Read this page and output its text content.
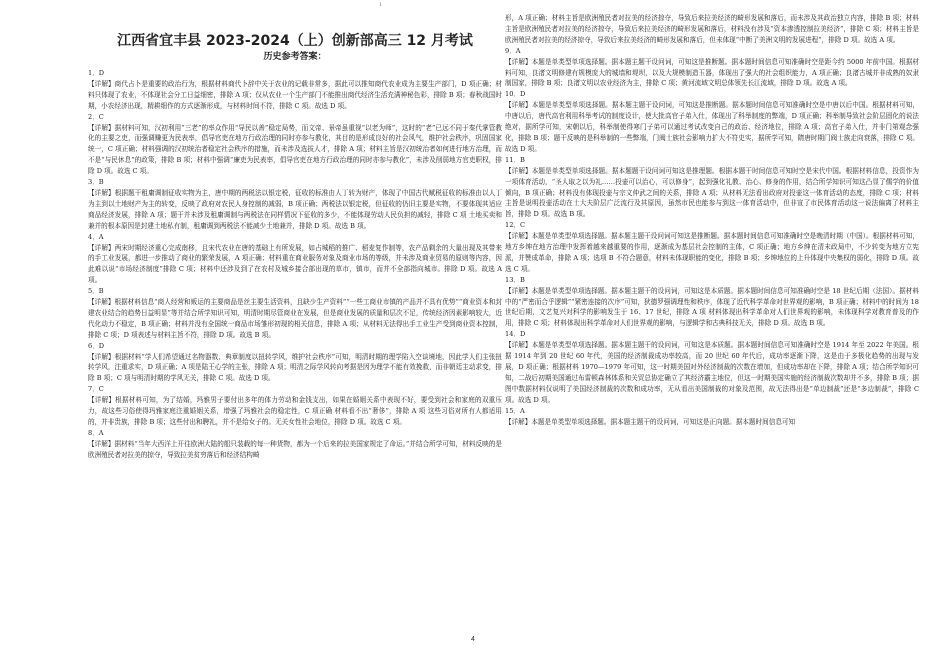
1
江西省宜丰县 2023-2024（上）创新部高三 12 月考试
历史参考答案：

1．D

【详解】商代占卜是重要的政治行为，根据材料商代卜辞中关于农业的记载非常多，据此可以推知商代农业成为主要生产部门，D 项正确；材料只体现了农业，不体现社会分工日益细密，排除 A 项；仅从农业一个生产部门不能推出商代经济生活充满神秘色彩，排除 B 项；春秋战国时期，小农经济出现，精耕细作的方式逐渐形成，与材料时间不符，排除 C 项。故选 D 项。

2．C

【详解】据材料可知，汉初利用“三老”的率众作用“导民以善”稳定局势，而文帝、景帝虽重视“以老为师”，这时的“老”已远不同于秦代掌管教化的主要之吏，而强调赚更为民表率，倡导官吏在地方行政治理的同时亦参与教化，其目的是形成良好的社会风气，维护社会秩序，巩固国家统一，C 项正确；材料强调的汉初统治者稳定社会秩序的措施，而未涉及选拔人才，排除 A 项；材料主旨是汉初统治者如何进行地方治理，而不是“与民休息”的政策，排除 B 项；材料中强调“廉吏为民表率，倡导官吏在地方行政治理的同时亦参与教化”，未涉及削弱地方官吏职权，排除 D 项。故选 C 项。

3．B

【详解】根据题干租庸调制征收实物为主，唐中期的两税法以银定税，征收的标准由人丁转为财产，体现了中国古代赋税征收的标准由以人丁为主到以土地财产为主的转变，反映了政府对农民人身控制的减弱，B 项正确；两税法以银定税，但征收的仍旧主要是实物，不要体现其适应商品经济发展，排除 A 项；题干并未涉及租庸调制与两税法在同样情况下征收的多少，不能体现劳动人民负担的减轻，排除 C 项 土地买卖和兼并的根本原因是封建土地私有制，租庸调到两税法不能减少土地兼并，排除 D 项。故选 B 项。

4．A

【详解】两宋时期经济重心完成南移，且宋代农业在唐的基础上有所发展，如占城稻的推广、稻麦复作制等，农产品剩余的大量出现及其带来的手工业发展，都进一步推动了商业的繁荣发展，A 项正确；材料重在商业服务对象及商业市场的等级，并未涉及商业贸易的原则等内容，因此难以说“市场经济制度”排除 C 项；材料中还涉及到了在农村及城乡接合部出现的草市，镇市，而并不全部指向城市。排除 D 项。故选 A 项。

5．B

【详解】根据材料信息“商人经营和贩运的主要商品是丝主要生活资料，且缺少生产资料”“一些工商业市镇的产品并不具有优势”“商业资本和封建农业结合的趋势日益明显”等并结合所学知识可知，明清时期尽管商业在发展，但是商业发展的质量和层次不足，传统经济因素影响较大，近代化动力不稳定，B 项正确；材料并没有全国统一商品市场雏形初现的相关信息，排除 A 项；从材料无法得出手工业生产受到商业资本控制，排除 C 项；D 项表述与材料主旨不符，排除 D 项。故选 B 项。

6．D

【详解】根据材料“学人们希望通过名物器数、典章制度以扭转学风，维护社会秩序”可知，明清时期的理学陷入空谈境地，因此学人们主张扭转学风，注重求实，D 项正确；A 项是陆王心学的主张，排除 A 项；明清之际学风转向考据是因为理学不能有效挽救，而非朝廷主动求变，排除 B 项；C 项与明清时期的学风无关，排除 C 项。故选 D 项。

7．C

【详解】根据材料可知，为了结婚，玛雅男子要付出多年的体力劳动和金钱支出，如果在婚姻关系中表现不好，要受到社会和家庭的双重压力，故这些习俗使得玛雅家庭注重婚姻关系，增强了玛雅社会的稳定性，C 项正确 材料看不出“奢侈”，排除 A 项 这些习俗对所有人都适用的，并非贵族，排除 B 项；这些付出和聘礼，并不是给女子的。无关女性社会地位，排除 D 项。故选 C 项。

8．A

【详解】据材料“当年大西洋上开往欧洲大陆的船只装载的每一种货物，都为一个后来的拉美国家规定了命运。”并结合所学可知，材料反映的是欧洲殖民者对拉美的掠夺，导致拉美贫穷落后和经济结构畸

形，A 项正确；材料主旨是欧洲殖民者对拉美的经济掠夺，导致后来拉美经济的畸形发展和落后，而未涉及其政治独立内容，排除 B 项；材料主旨是欧洲殖民者对拉美的经济掠夺，导致后来拉美经济的畸形发展和落后，材料没有涉及“资本渗透控制拉美经济”，排除 C 项；材料主旨是欧洲殖民者对拉美的经济掠夺，导致后来拉美经济的畸形发展和落后，但未体现“中断了美洲文明的发展进程”，排除 D 项。故选 A 项。

9．A

【详解】本题是单类型单项选择题。据本题主题干设问词，可知这是推断题。据本题时间信息可知准确时空是距今约 5000 年前中国。根据材料可知，良渚文明修建有规模庞大的城墙和堤坝，以及大规模制造玉器，体现出了强大的社会组织能力，A 项正确；良渚古城并非成熟的奴隶制国家，排除 B 项；良渚文明以农业经济为主，排除 C 项；黄河流域文明总体领先长江流域，排除 D 项。故选 A 项。

10．D

【详解】本题是单类型单项选择题。据本题主题干设问词，可知这是推断题。据本题时间信息可知准确时空是中唐以后中国。根据材料可知，中唐以后，唐代高官利用科举考试的制度设计，使大批高官子弟入仕，体现出了科举制度的弊端，D 项正确；科举制导致社会阶层固化的说法绝对，据所学可知，宋朝以后，科举制使得寒门子弟可以通过考试改变自己的政治、经济地位，排除 A 项；高官子弟入仕，并非门第观念强化，排除 B 项；题干反映的是科举制的一些弊端，门阀士族社会影响力扩大不符史实，据所学可知，隋唐时期门阀士族走向衰落，排除 C 项。故选 D 项。

11．B

【详解】本题是单类型单项选择题。据本题题干设问词可知这是推理题。根据本题干时间信息可知时空是宋代中国。根据材料信息，投资作为一项体育活动，“圣人取之以为礼……投壶可以治心，可以修身”，起到强化礼教、治心、修身的作用，结合所学知识可知这凸显了儒学的价值倾向，B 项正确；材料没有体现投壶与宗文仲武之间的关系，排除 A 项；从材料无法看出政府对投壶这一体育活动的态度，排除 C 项；材料主旨是说明投壶活动在士大夫阶层广泛流行及其原因，虽然市民也能参与到这一体育活动中，但非宣了市民体育活动这一说法偏离了材料主旨，排除 D 项。故选 B 项。

12．C

【详解】本题是单类型单项选择题。据本题主题干设问词可知这是推断题。据本题时间信息可知准确时空是晚清时期（中国）。根据材料可知，地方乡绅在地方治理中发挥着越来越重要的作用，逐渐成为基层社会控制的主体，C 项正确；地方乡绅在清末政局中，不少转变为地方立宪派，并赞成革命，排除 A 项；选项 B 不符合题意，材料未体现职能的变化，排除 B 项；乡绅地位的上升体现中央集权的弱化，排除 D 项。故选 C 项。

13．B

【详解】本题是单类型单项选择题。据本题主题干的设问词，可知这是本质题。据本题时间信息可知准确时空是 18 世纪后期（法国）。据材料中的“严密而合乎逻辑”“紧密连接的次序”可知，狄德罗强调理性和秩序，体现了近代科学革命对世界观的影响，B 项正确；材料中的时间为 18 世纪后期，文艺复兴对科学的影响发生于 16、17 世纪，排除 A 项 材料体现出科学革命对人们世界观的影响，未体现科学对教育普及的作用，排除 C 项；材料体现出科学革命对人们世界观的影响，与逻辑学和古典科技无关，排除 D 项。故选 B 项。

14．D

【详解】本题是单类型单项选择题。据本题主题干的设问词，可知这是本质题。据本题时间信息可知准确时空是 1914 年至 2022 年美国。根据 1914 年到 20 世纪 60 年代，美国的经济制裁成功率较高，而 20 世纪 60 年代后，成功率逐渐下降，这是由于多极化趋势的出现与发展，D 项正确；根据材料 1970—1979 年可知，这一时期美国对外经济制裁的次数在增加，但成功率却在下降，排除 A 项；结合所学知识可知，二战后初期美国通过布雷顿森林体系和关贸总协定确立了其经济霸主地位，但这一时期美国实施的经济制裁次数却并不多，排除 B 项；据图中数据材料仅说明了美国经济制裁的次数和成功率，无从看出美国制裁的对象及范围，故无法得出是“单边制裁”还是“多边制裁”，排除 C 项。故选 D 项。

15．A

【详解】本题是单类型单项选择题。据本题主题干的设问词，可知这是正向题。据本题时间信息可知

4
